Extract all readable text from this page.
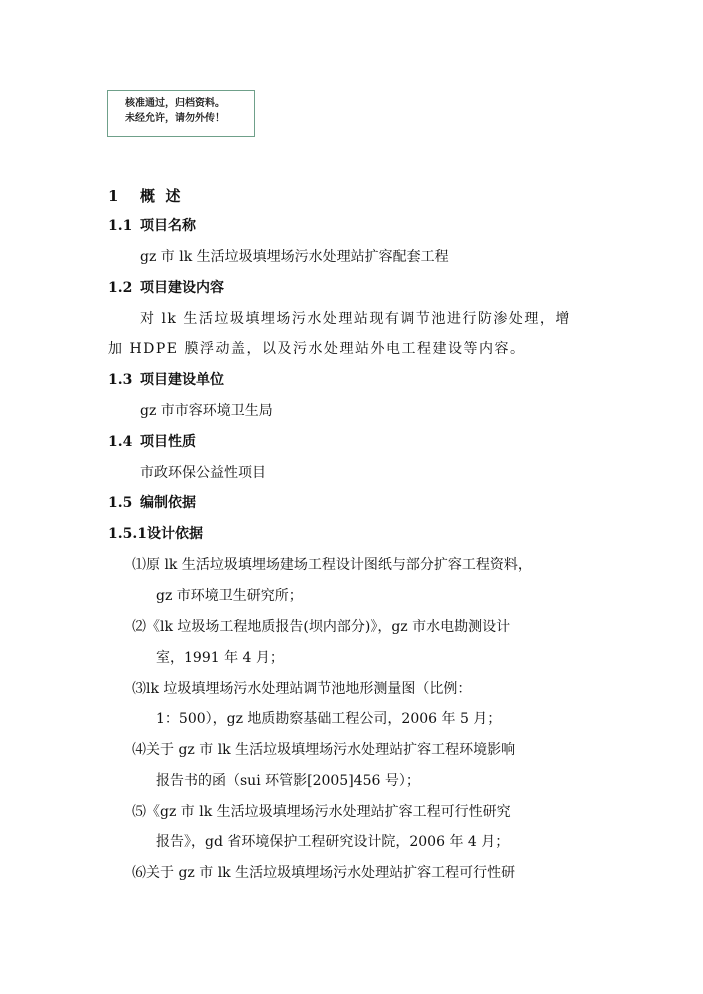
核准通过，归档资料。
未经允许，请勿外传！
1 概  述
1.1 项目名称
gz 市 lk 生活垃圾填埋场污水处理站扩容配套工程
1.2 项目建设内容
对 lk 生活垃圾填埋场污水处理站现有调节池进行防渗处理，增
加 HDPE 膜浮动盖，以及污水处理站外电工程建设等内容。
1.3 项目建设单位
gz 市市容环境卫生局
1.4 项目性质
市政环保公益性项目
1.5 编制依据
1.5.1设计依据
⑴原 lk 生活垃圾填埋场建场工程设计图纸与部分扩容工程资料，
gz 市环境卫生研究所；
⑵《lk 垃圾场工程地质报告(坝内部分)》，gz 市水电勘测设计
室，1991 年 4 月；
⑶lk 垃圾填埋场污水处理站调节池地形测量图（比例：
1：500），gz 地质勘察基础工程公司，2006 年 5 月；
⑷关于 gz 市 lk 生活垃圾填埋场污水处理站扩容工程环境影响
报告书的函（sui 环管影[2005]456 号）；
⑸《gz 市 lk 生活垃圾填埋场污水处理站扩容工程可行性研究
报告》，gd 省环境保护工程研究设计院，2006 年 4 月；
⑹关于 gz 市 lk 生活垃圾填埋场污水处理站扩容工程可行性研
